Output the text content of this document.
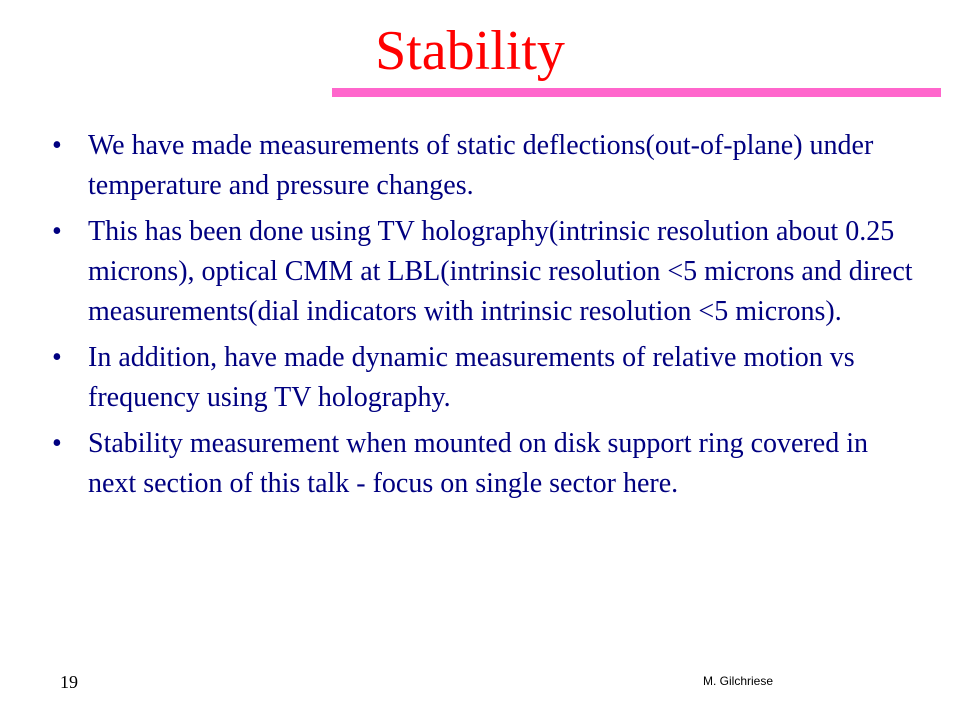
Stability
• We have made measurements of static deflections(out-of-plane) under temperature and pressure changes.
• This has been done using TV holography(intrinsic resolution about 0.25 microns), optical CMM at LBL(intrinsic resolution <5 microns and direct measurements(dial indicators with intrinsic resolution <5 microns).
• In addition, have made dynamic measurements of relative motion vs frequency using TV holography.
• Stability measurement when mounted on disk support ring covered in next section of this talk - focus on single sector here.
19	M. Gilchriese
